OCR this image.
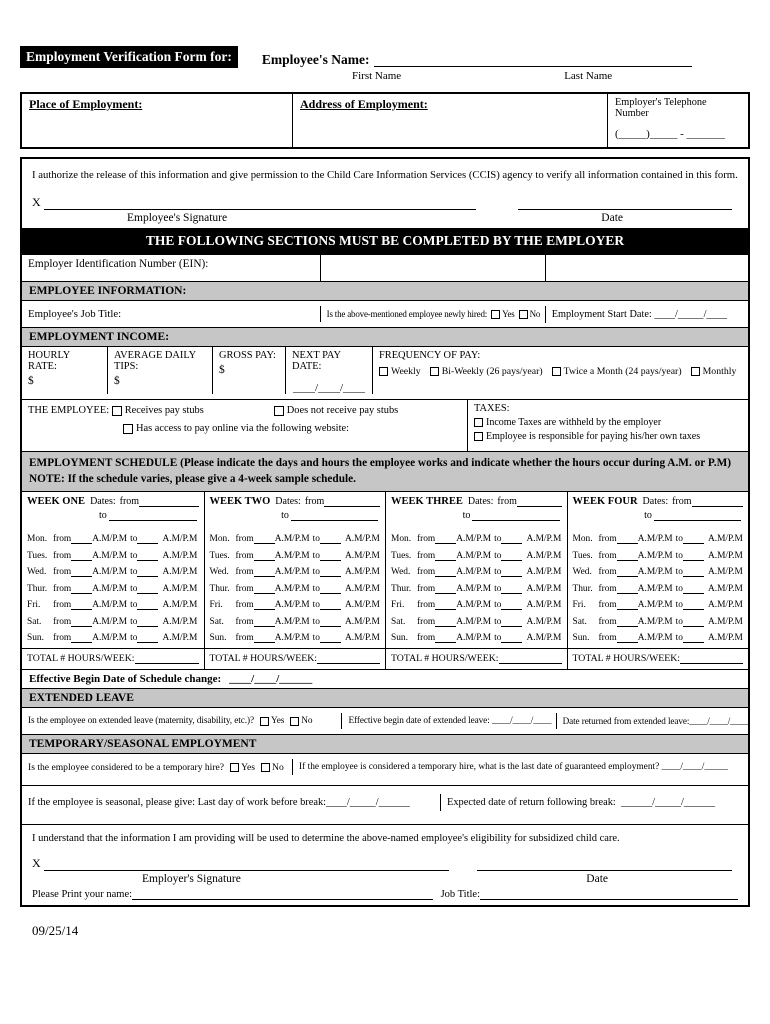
Employment Verification Form for:	Employee's Name:
First Name	Last Name
Place of Employment:	Address of Employment:	Employer's Telephone Number
(_____)_____ - _______
I authorize the release of this information and give permission to the Child Care Information Services (CCIS) agency to verify all information contained in this form.
X
Employee's Signature	Date
THE FOLLOWING SECTIONS MUST BE COMPLETED BY THE EMPLOYER
Employer Identification Number (EIN):
EMPLOYEE INFORMATION:
Employee's Job Title:	Is the above-mentioned employee newly hired: Yes No	Employment Start Date: ____/_____/____
EMPLOYMENT INCOME:
HOURLY RATE:
$
AVERAGE DAILY TIPS:
$
GROSS PAY:
$
NEXT PAY DATE:
____/____/____
FREQUENCY OF PAY:
Weekly Bi-Weekly (26 pays/year) Twice a Month (24 pays/year) Monthly
THE EMPLOYEE:
Receives pay stubs	Does not receive pay stubs
Has access to pay online via the following website:
TAXES:
Income Taxes are withheld by the employer
Employee is responsible for paying his/her own taxes
EMPLOYMENT SCHEDULE (Please indicate the days and hours the employee works and indicate whether the hours occur during A.M. or P.M)
NOTE: If the schedule varies, please give a 4-week sample schedule.
WEEK ONE Dates: from
to
Mon. from A.M/P.M to	A.M/P.M
Tues. from A.M/P.M to	A.M/P.M
Wed. from A.M/P.M to	A.M/P.M
Thur. from A.M/P.M to	A.M/P.M
Fri.	from A.M/P.M to	A.M/P.M
Sat.	from A.M/P.M to	A.M/P.M
Sun. from A.M/P.M to	A.M/P.M
TOTAL # HOURS/WEEK:
WEEK TWO Dates: from
to
Mon. from A.M/P.M to	A.M/P.M
Tues. from A.M/P.M to	A.M/P.M
Wed. from A.M/P.M to	A.M/P.M
Thur. from A.M/P.M to	A.M/P.M
Fri.	from A.M/P.M to	A.M/P.M
Sat.	from A.M/P.M to	A.M/P.M
Sun. from A.M/P.M to	A.M/P.M
TOTAL # HOURS/WEEK:
WEEK THREE Dates: from
to
Mon. from A.M/P.M to	A.M/P.M
Tues. from A.M/P.M to	A.M/P.M
Wed. from A.M/P.M to	A.M/P.M
Thur. from A.M/P.M to	A.M/P.M
Fri.	from A.M/P.M to	A.M/P.M
Sat.	from A.M/P.M to	A.M/P.M
Sun. from A.M/P.M to	A.M/P.M
TOTAL # HOURS/WEEK:
WEEK FOUR Dates: from
to
Mon. from A.M/P.M to	A.M/P.M
Tues. from A.M/P.M to	A.M/P.M
Wed. from A.M/P.M to	A.M/P.M
Thur. from A.M/P.M to	A.M/P.M
Fri.	from A.M/P.M to	A.M/P.M
Sat.	from A.M/P.M to	A.M/P.M
Sun. from A.M/P.M to	A.M/P.M
TOTAL # HOURS/WEEK:
Effective Begin Date of Schedule change: ____/____/______
EXTENDED LEAVE
Is the employee on extended leave (maternity, disability, etc.)? Yes No	Effective begin date of extended leave:
____/____/____ Date returned from extended leave: ____/____/____
TEMPORARY/SEASONAL EMPLOYMENT
Is the employee considered to be a temporary hire? Yes No If the employee is considered a temporary hire, what is the last date of guaranteed employment?
____/____/_____
If the employee is seasonal, please give: Last day of work before break:____/_____/______	Expected date of return following break: ______/_____/______
I understand that the information I am providing will be used to determine the above-named employee's eligibility for subsidized child care.
X
Employer's Signature	Date
Please Print your name:	Job Title:
09/25/14
